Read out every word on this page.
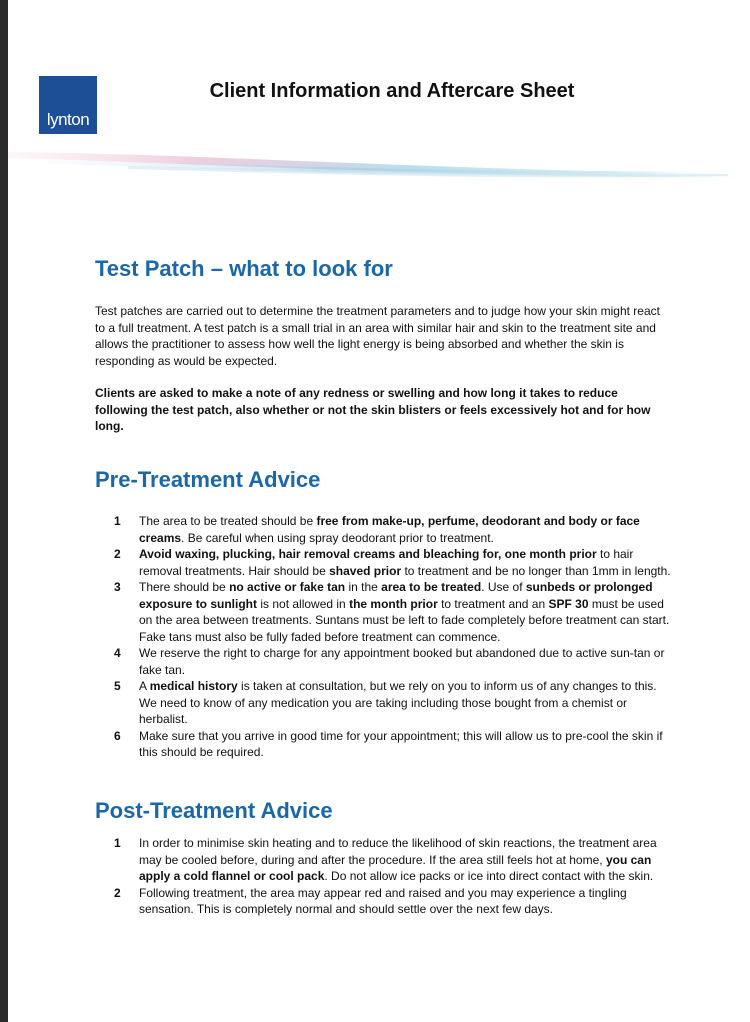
lynton
Client Information and Aftercare Sheet
Test Patch – what to look for

Test patches are carried out to determine the treatment parameters and to judge how your skin might react to a full treatment. A test patch is a small trial in an area with similar hair and skin to the treatment site and allows the practitioner to assess how well the light energy is being absorbed and whether the skin is responding as would be expected.

Clients are asked to make a note of any redness or swelling and how long it takes to reduce following the test patch, also whether or not the skin blisters or feels excessively hot and for how long.

Pre-Treatment Advice
1 The area to be treated should be free from make-up, perfume, deodorant and body or face creams. Be careful when using spray deodorant prior to treatment.
2 Avoid waxing, plucking, hair removal creams and bleaching for, one month prior to hair removal treatments. Hair should be shaved prior to treatment and be no longer than 1mm in length.
3 There should be no active or fake tan in the area to be treated. Use of sunbeds or prolonged exposure to sunlight is not allowed in the month prior to treatment and an SPF 30 must be used on the area between treatments. Suntans must be left to fade completely before treatment can start. Fake tans must also be fully faded before treatment can commence.
4 We reserve the right to charge for any appointment booked but abandoned due to active sun-tan or fake tan.
5 A medical history is taken at consultation, but we rely on you to inform us of any changes to this. We need to know of any medication you are taking including those bought from a chemist or herbalist.
6 Make sure that you arrive in good time for your appointment; this will allow us to pre-cool the skin if this should be required.
Post-Treatment Advice
1 In order to minimise skin heating and to reduce the likelihood of skin reactions, the treatment area may be cooled before, during and after the procedure. If the area still feels hot at home, you can apply a cold flannel or cool pack. Do not allow ice packs or ice into direct contact with the skin.
2 Following treatment, the area may appear red and raised and you may experience a tingling sensation. This is completely normal and should settle over the next few days.
